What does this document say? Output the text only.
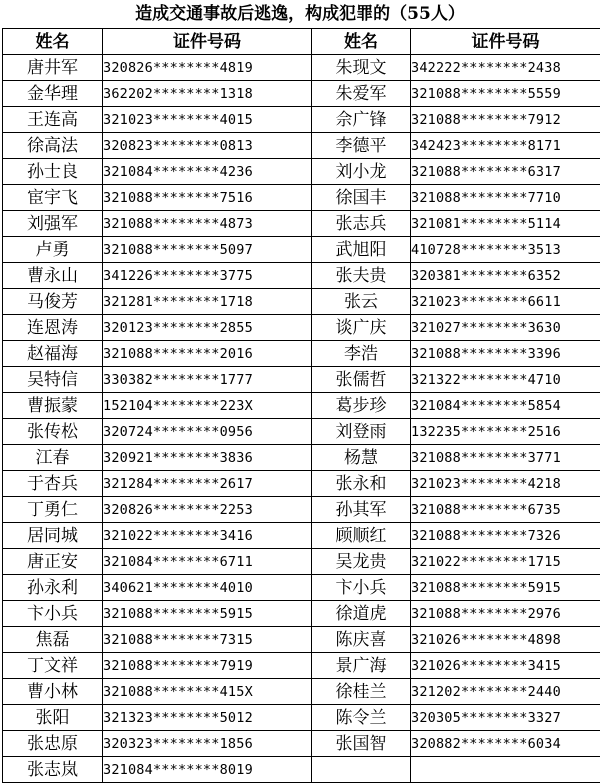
造成交通事故后逃逸，构成犯罪的（55人）
姓名	证件号码	姓名	证件号码
唐井军	320826********4819	朱现文	342222********2438
金华理	362202********1318	朱爱军	321088********5559
王连高	321023********4015	佘广锋	321088********7912
徐高法	320823********0813	李德平	342423********8171
孙士良	321084********4236	刘小龙	321088********6317
宦宇飞	321088********7516	徐国丰	321088********7710
刘强军	321088********4873	张志兵	321081********5114
卢勇	321088********5097	武旭阳	410728********3513
曹永山	341226********3775	张夫贵	320381********6352
马俊芳	321281********1718	张云	321023********6611
连恩涛	320123********2855	谈广庆	321027********3630
赵福海	321088********2016	李浩	321088********3396
吴特信	330382********1777	张儒哲	321322********4710
曹振蒙	152104********223X	葛步珍	321084********5854
张传松	320724********0956	刘登雨	132235********2516
江春	320921********3836	杨慧	321088********3771
于杏兵	321284********2617	张永和	321023********4218
丁勇仁	320826********2253	孙其军	321088********6735
居同城	321022********3416	顾顺红	321088********7326
唐正安	321084********6711	吴龙贵	321022********1715
孙永利	340621********4010	卞小兵	321088********5915
卞小兵	321088********5915	徐道虎	321088********2976
焦磊	321088********7315	陈庆喜	321026********4898
丁文祥	321088********7919	景广海	321026********3415
曹小林	321088********415X	徐桂兰	321202********2440
张阳	321323********5012	陈令兰	320305********3327
张忠原	320323********1856	张国智	320882********6034
张志岚	321084********8019		
